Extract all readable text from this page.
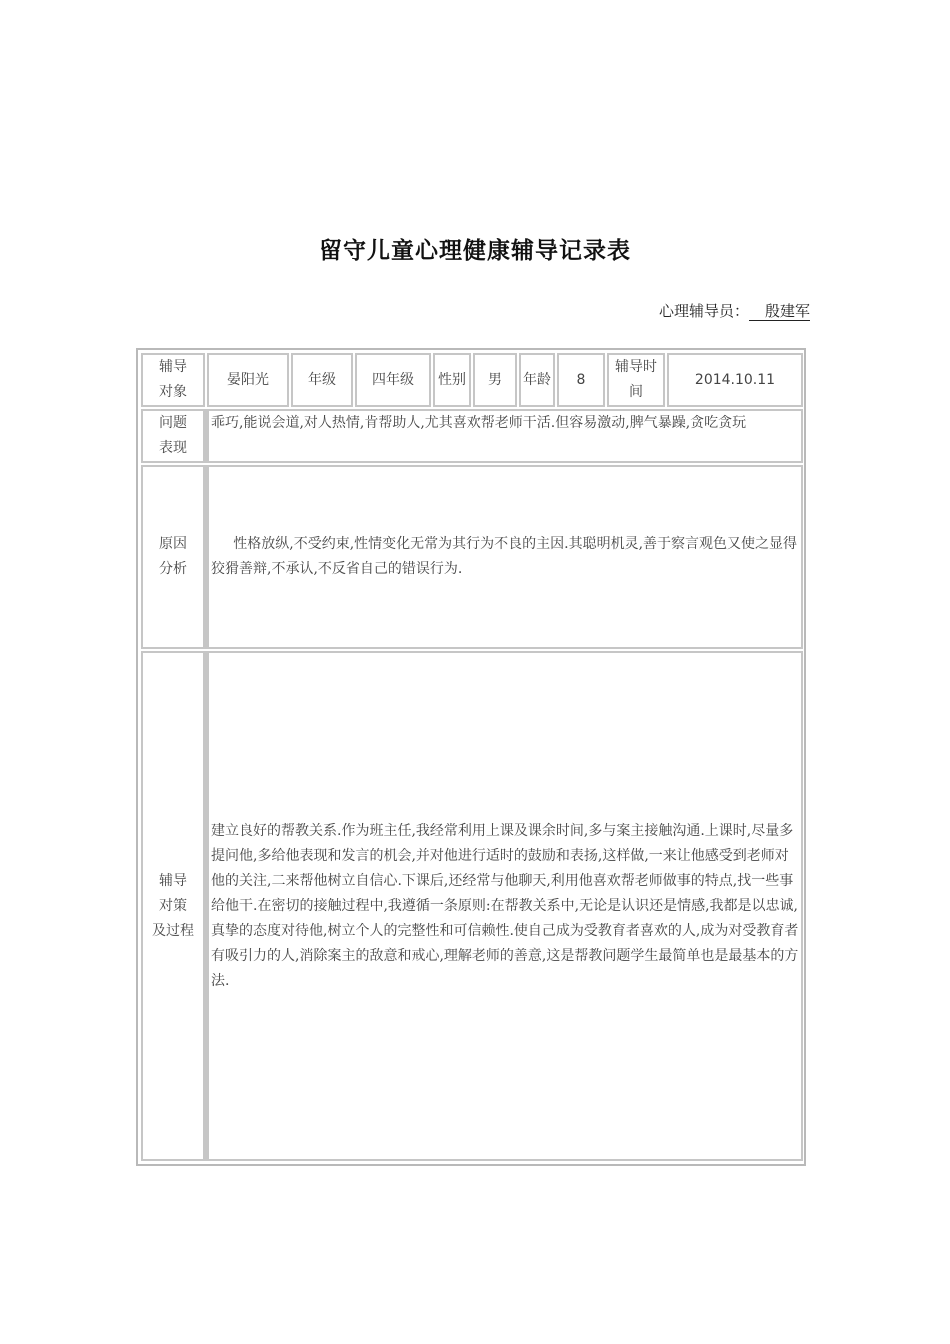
留守儿童心理健康辅导记录表
心理辅导员： 殷建军
辅导
对象
晏阳光	年级	四年级 性别 男 年龄 8
辅导时
间
2014.10.11
问题
表现
乖巧,能说会道,对人热情,肯帮助人,尤其喜欢帮老师干活.但容易激动,脾气暴躁,贪吃贪玩
原因
分析

性格放纵,不受约束,性情变化无常为其行为不良的主因.其聪明机灵,善于察言观色又使之显得狡猾善辩,不承认,不反省自己的错误行为.

辅导
对策
及过程
建立良好的帮教关系.作为班主任,我经常利用上课及课余时间,多与案主接触沟通.上课时,尽量多提问他,多给他表现和发言的机会,并对他进行适时的鼓励和表扬,这样做,一来让他感受到老师对他的关注,二来帮他树立自信心.下课后,还经常与他聊天,利用他喜欢帮老师做事的特点,找一些事给他干.在密切的接触过程中,我遵循一条原则:在帮教关系中,无论是认识还是情感,我都是以忠诚,真挚的态度对待他,树立个人的完整性和可信赖性.使自己成为受教育者喜欢的人,成为对受教育者有吸引力的人,消除案主的敌意和戒心,理解老师的善意,这是帮教问题学生最简单也是最基本的方法.
